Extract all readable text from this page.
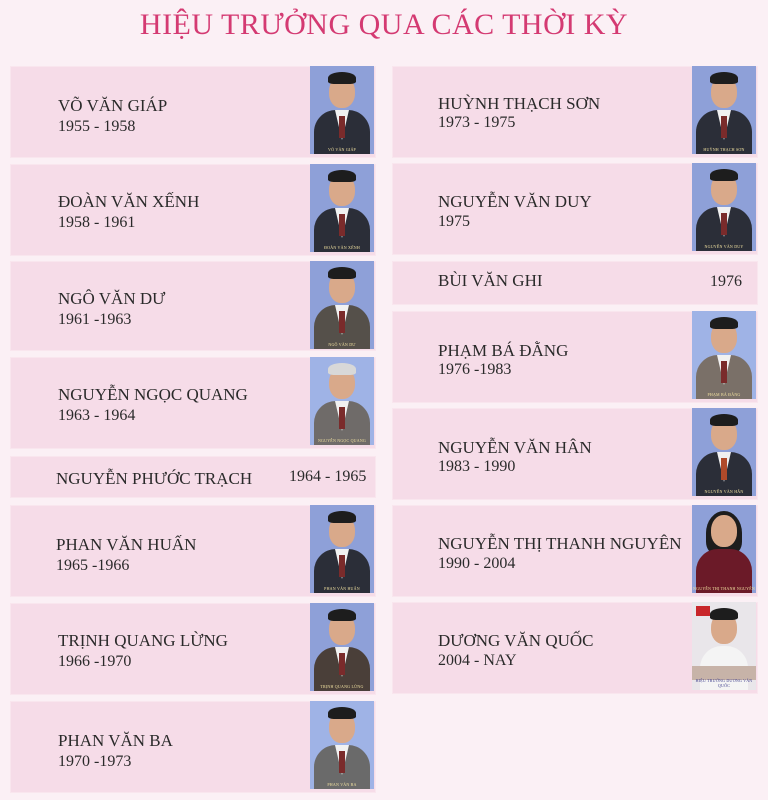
HIỆU TRƯỞNG QUA CÁC THỜI KỲ
VÕ VĂN GIÁP
1955 - 1958
VÕ VĂN GIÁP
ĐOÀN VĂN XẾNH
1958 - 1961
ĐOÀN VĂN XẾNH
NGÔ VĂN DƯ
1961 -1963
NGÔ VĂN DƯ
NGUYỄN NGỌC QUANG
1963 - 1964
NGUYỄN NGỌC QUANG
NGUYỄN PHƯỚC TRẠCH 1964 - 1965
PHAN VĂN HUẤN
1965 -1966
PHAN VĂN HUẤN
TRỊNH QUANG LỪNG
1966 -1970
TRỊNH QUANG LỪNG
PHAN VĂN BA
1970 -1973
PHAN VĂN BA
HUỲNH THẠCH SƠN
1973 - 1975
HUỲNH THẠCH SƠN
NGUYỄN VĂN DUY
1975
NGUYỄN VĂN DUY
BÙI VĂN GHI	1976
PHẠM BÁ ĐẰNG
1976 -1983
PHẠM BÁ ĐẰNG
NGUYỄN VĂN HÂN
1983 - 1990
NGUYỄN VĂN HÂN
NGUYỄN THỊ THANH NGUYÊN
1990 - 2004
NGUYỄN THỊ THANH NGUYÊN
DƯƠNG VĂN QUỐC
2004 - NAY
HIỆU TRƯỞNG DƯƠNG VĂN QUỐC
